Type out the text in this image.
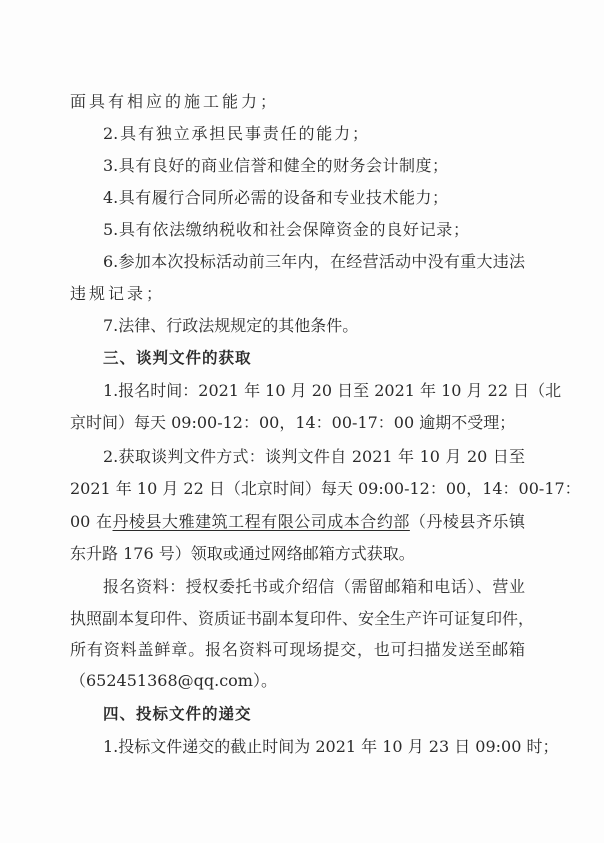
面具有相应的施工能力；
2.具有独立承担民事责任的能力；
3.具有良好的商业信誉和健全的财务会计制度；
4.具有履行合同所必需的设备和专业技术能力；
5.具有依法缴纳税收和社会保障资金的良好记录；
6.参加本次投标活动前三年内，在经营活动中没有重大违法
违规记录；
7.法律、行政法规规定的其他条件。
三、谈判文件的获取
1.报名时间：2021 年 10 月 20 日至 2021 年 10 月 22 日（北
京时间）每天 09:00-12：00，14：00-17：00 逾期不受理；
2.获取谈判文件方式：谈判文件自 2021 年 10 月 20 日至
2021 年 10 月 22 日（北京时间）每天 09:00-12：00，14：00-17：
00 在丹棱县大雅建筑工程有限公司成本合约部（丹棱县齐乐镇
东升路 176 号）领取或通过网络邮箱方式获取。
报名资料：授权委托书或介绍信（需留邮箱和电话）、营业
执照副本复印件、资质证书副本复印件、安全生产许可证复印件，
所有资料盖鲜章。报名资料可现场提交，也可扫描发送至邮箱
（652451368@qq.com）。
四、投标文件的递交
1.投标文件递交的截止时间为 2021 年 10 月 23 日 09:00 时；
